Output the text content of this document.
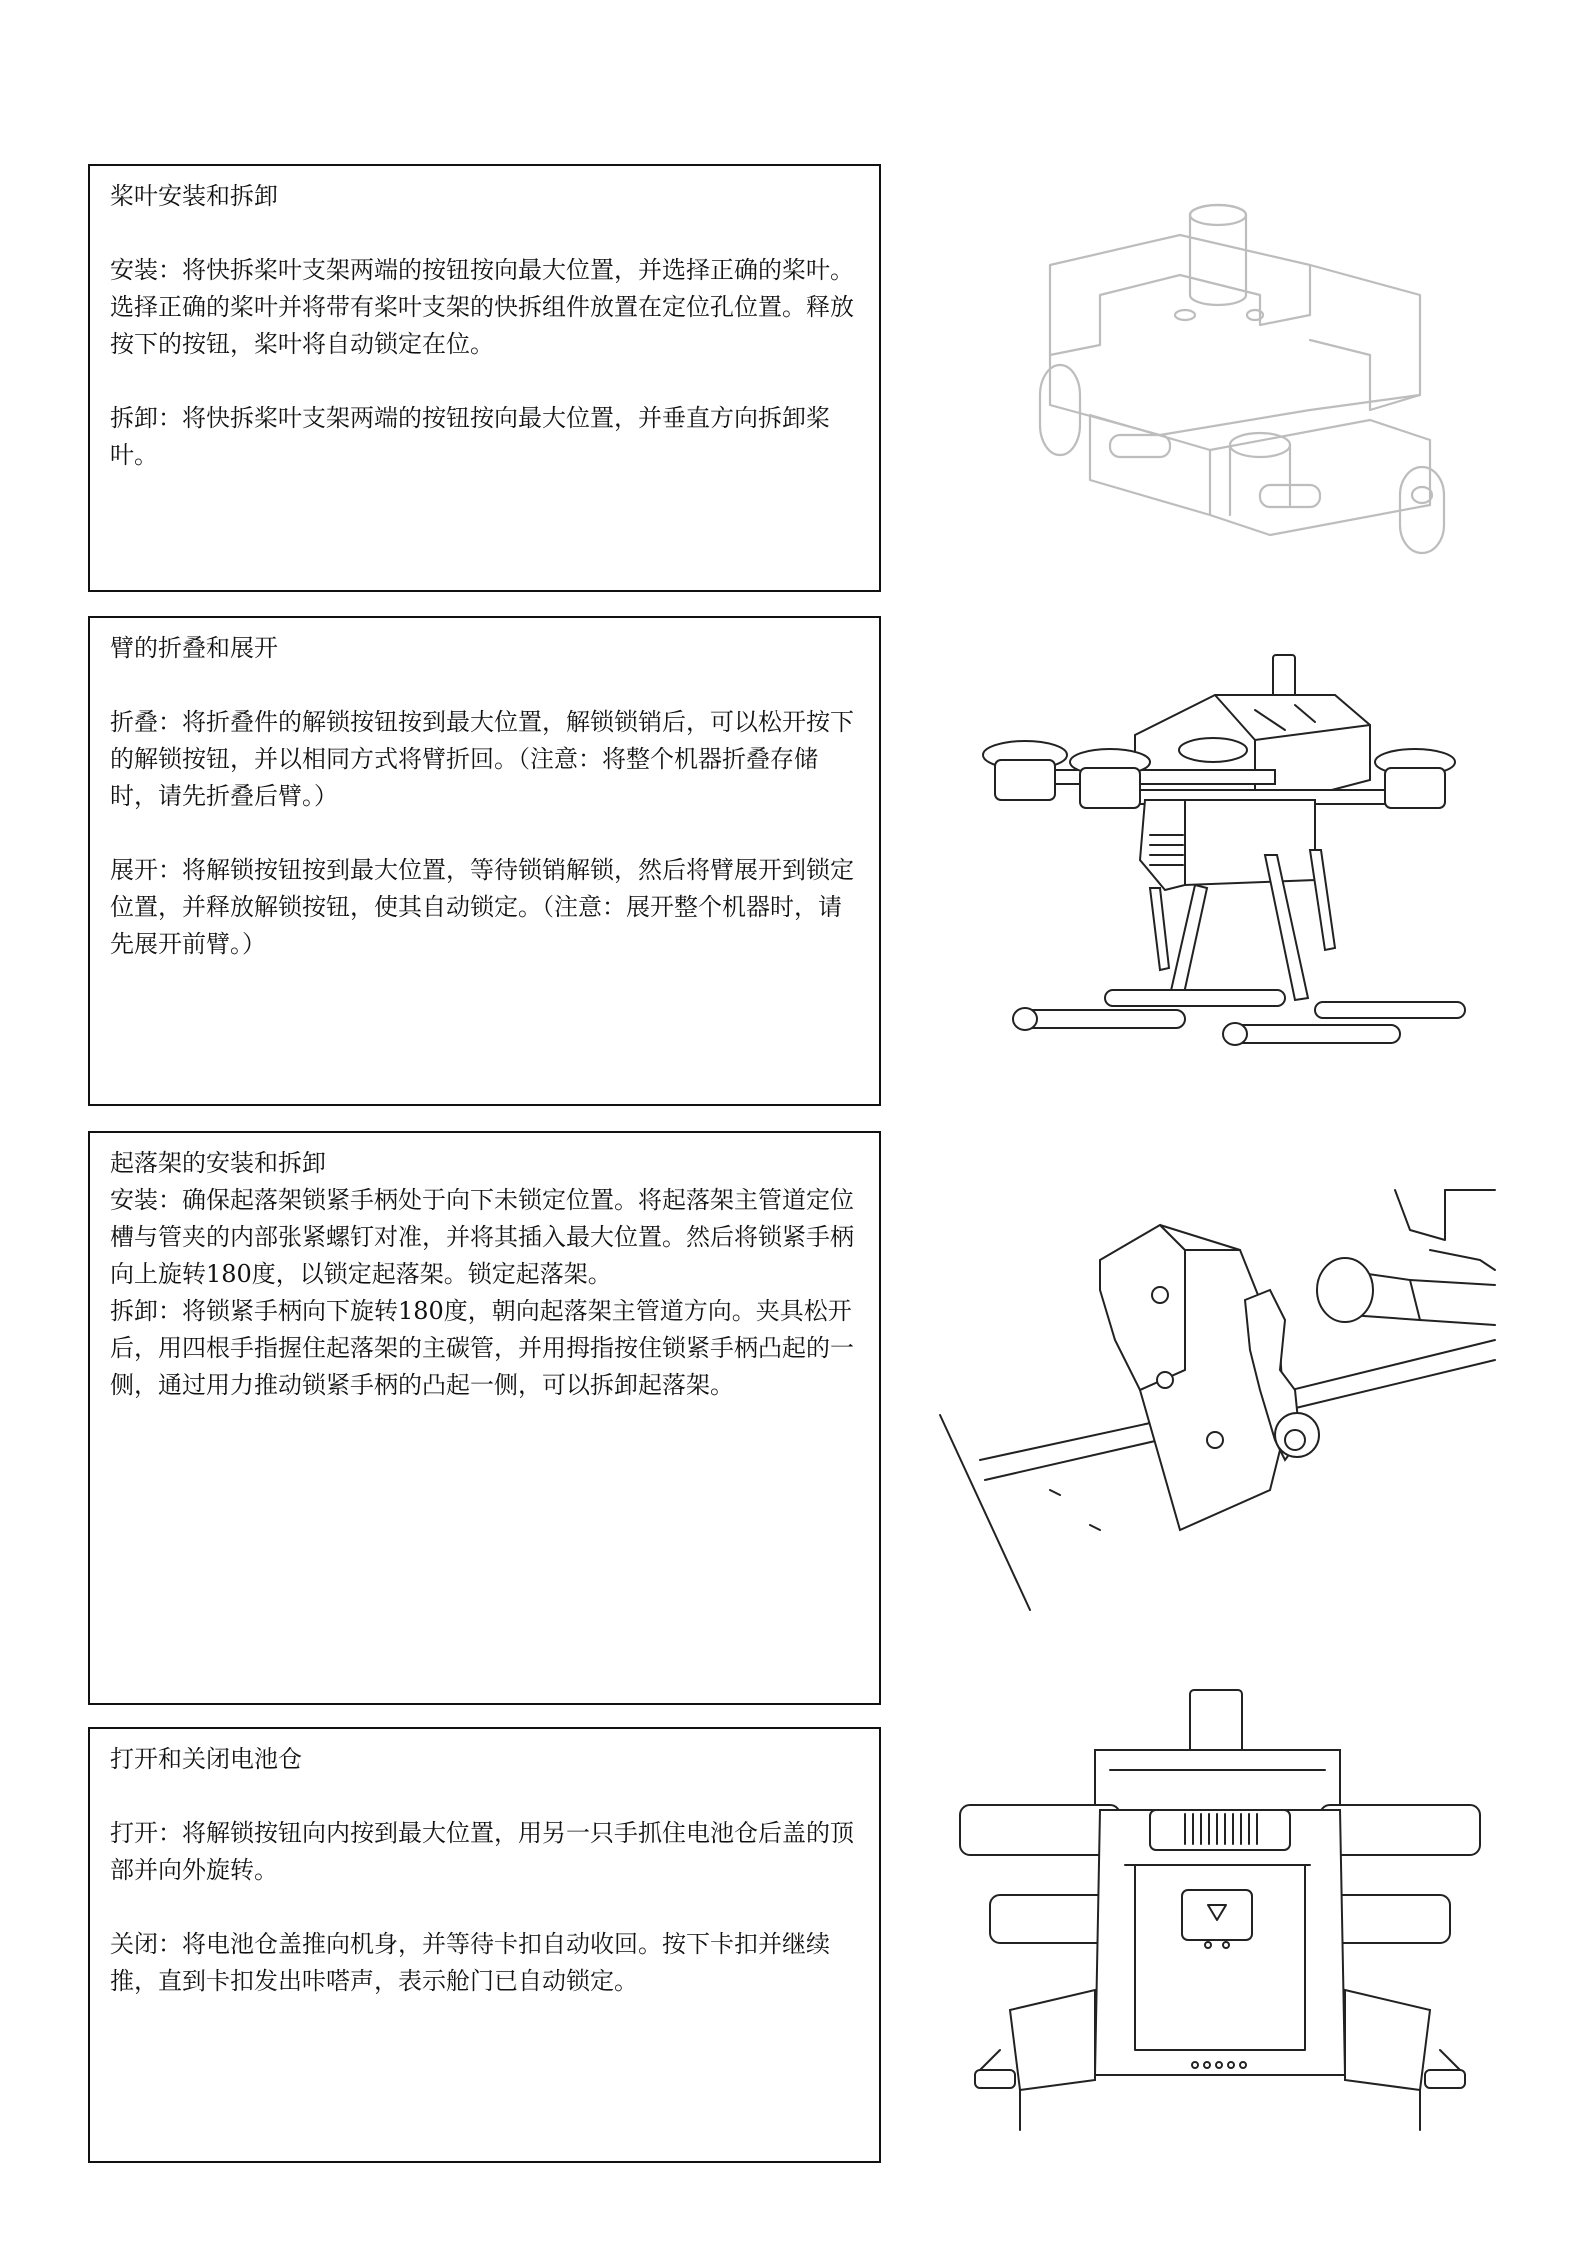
桨叶安装和拆卸

安装：将快拆桨叶支架两端的按钮按向最大位置，并选择正确的桨叶。选择正确的桨叶并将带有桨叶支架的快拆组件放置在定位孔位置。释放按下的按钮，桨叶将自动锁定在位。

拆卸：将快拆桨叶支架两端的按钮按向最大位置，并垂直方向拆卸桨叶。

臂的折叠和展开

折叠：将折叠件的解锁按钮按到最大位置，解锁锁销后，可以松开按下的解锁按钮，并以相同方式将臂折回。（注意：将整个机器折叠存储时，请先折叠后臂。）

展开：将解锁按钮按到最大位置，等待锁销解锁，然后将臂展开到锁定位置，并释放解锁按钮，使其自动锁定。（注意：展开整个机器时，请先展开前臂。）

起落架的安装和拆卸

安装：确保起落架锁紧手柄处于向下未锁定位置。将起落架主管道定位槽与管夹的内部张紧螺钉对准，并将其插入最大位置。然后将锁紧手柄向上旋转180度，以锁定起落架。锁定起落架。

拆卸：将锁紧手柄向下旋转180度，朝向起落架主管道方向。夹具松开后，用四根手指握住起落架的主碳管，并用拇指按住锁紧手柄凸起的一侧，通过用力推动锁紧手柄的凸起一侧，可以拆卸起落架。

打开和关闭电池仓

打开：将解锁按钮向内按到最大位置，用另一只手抓住电池仓后盖的顶部并向外旋转。

关闭：将电池仓盖推向机身，并等待卡扣自动收回。按下卡扣并继续推，直到卡扣发出咔嗒声，表示舱门已自动锁定。
